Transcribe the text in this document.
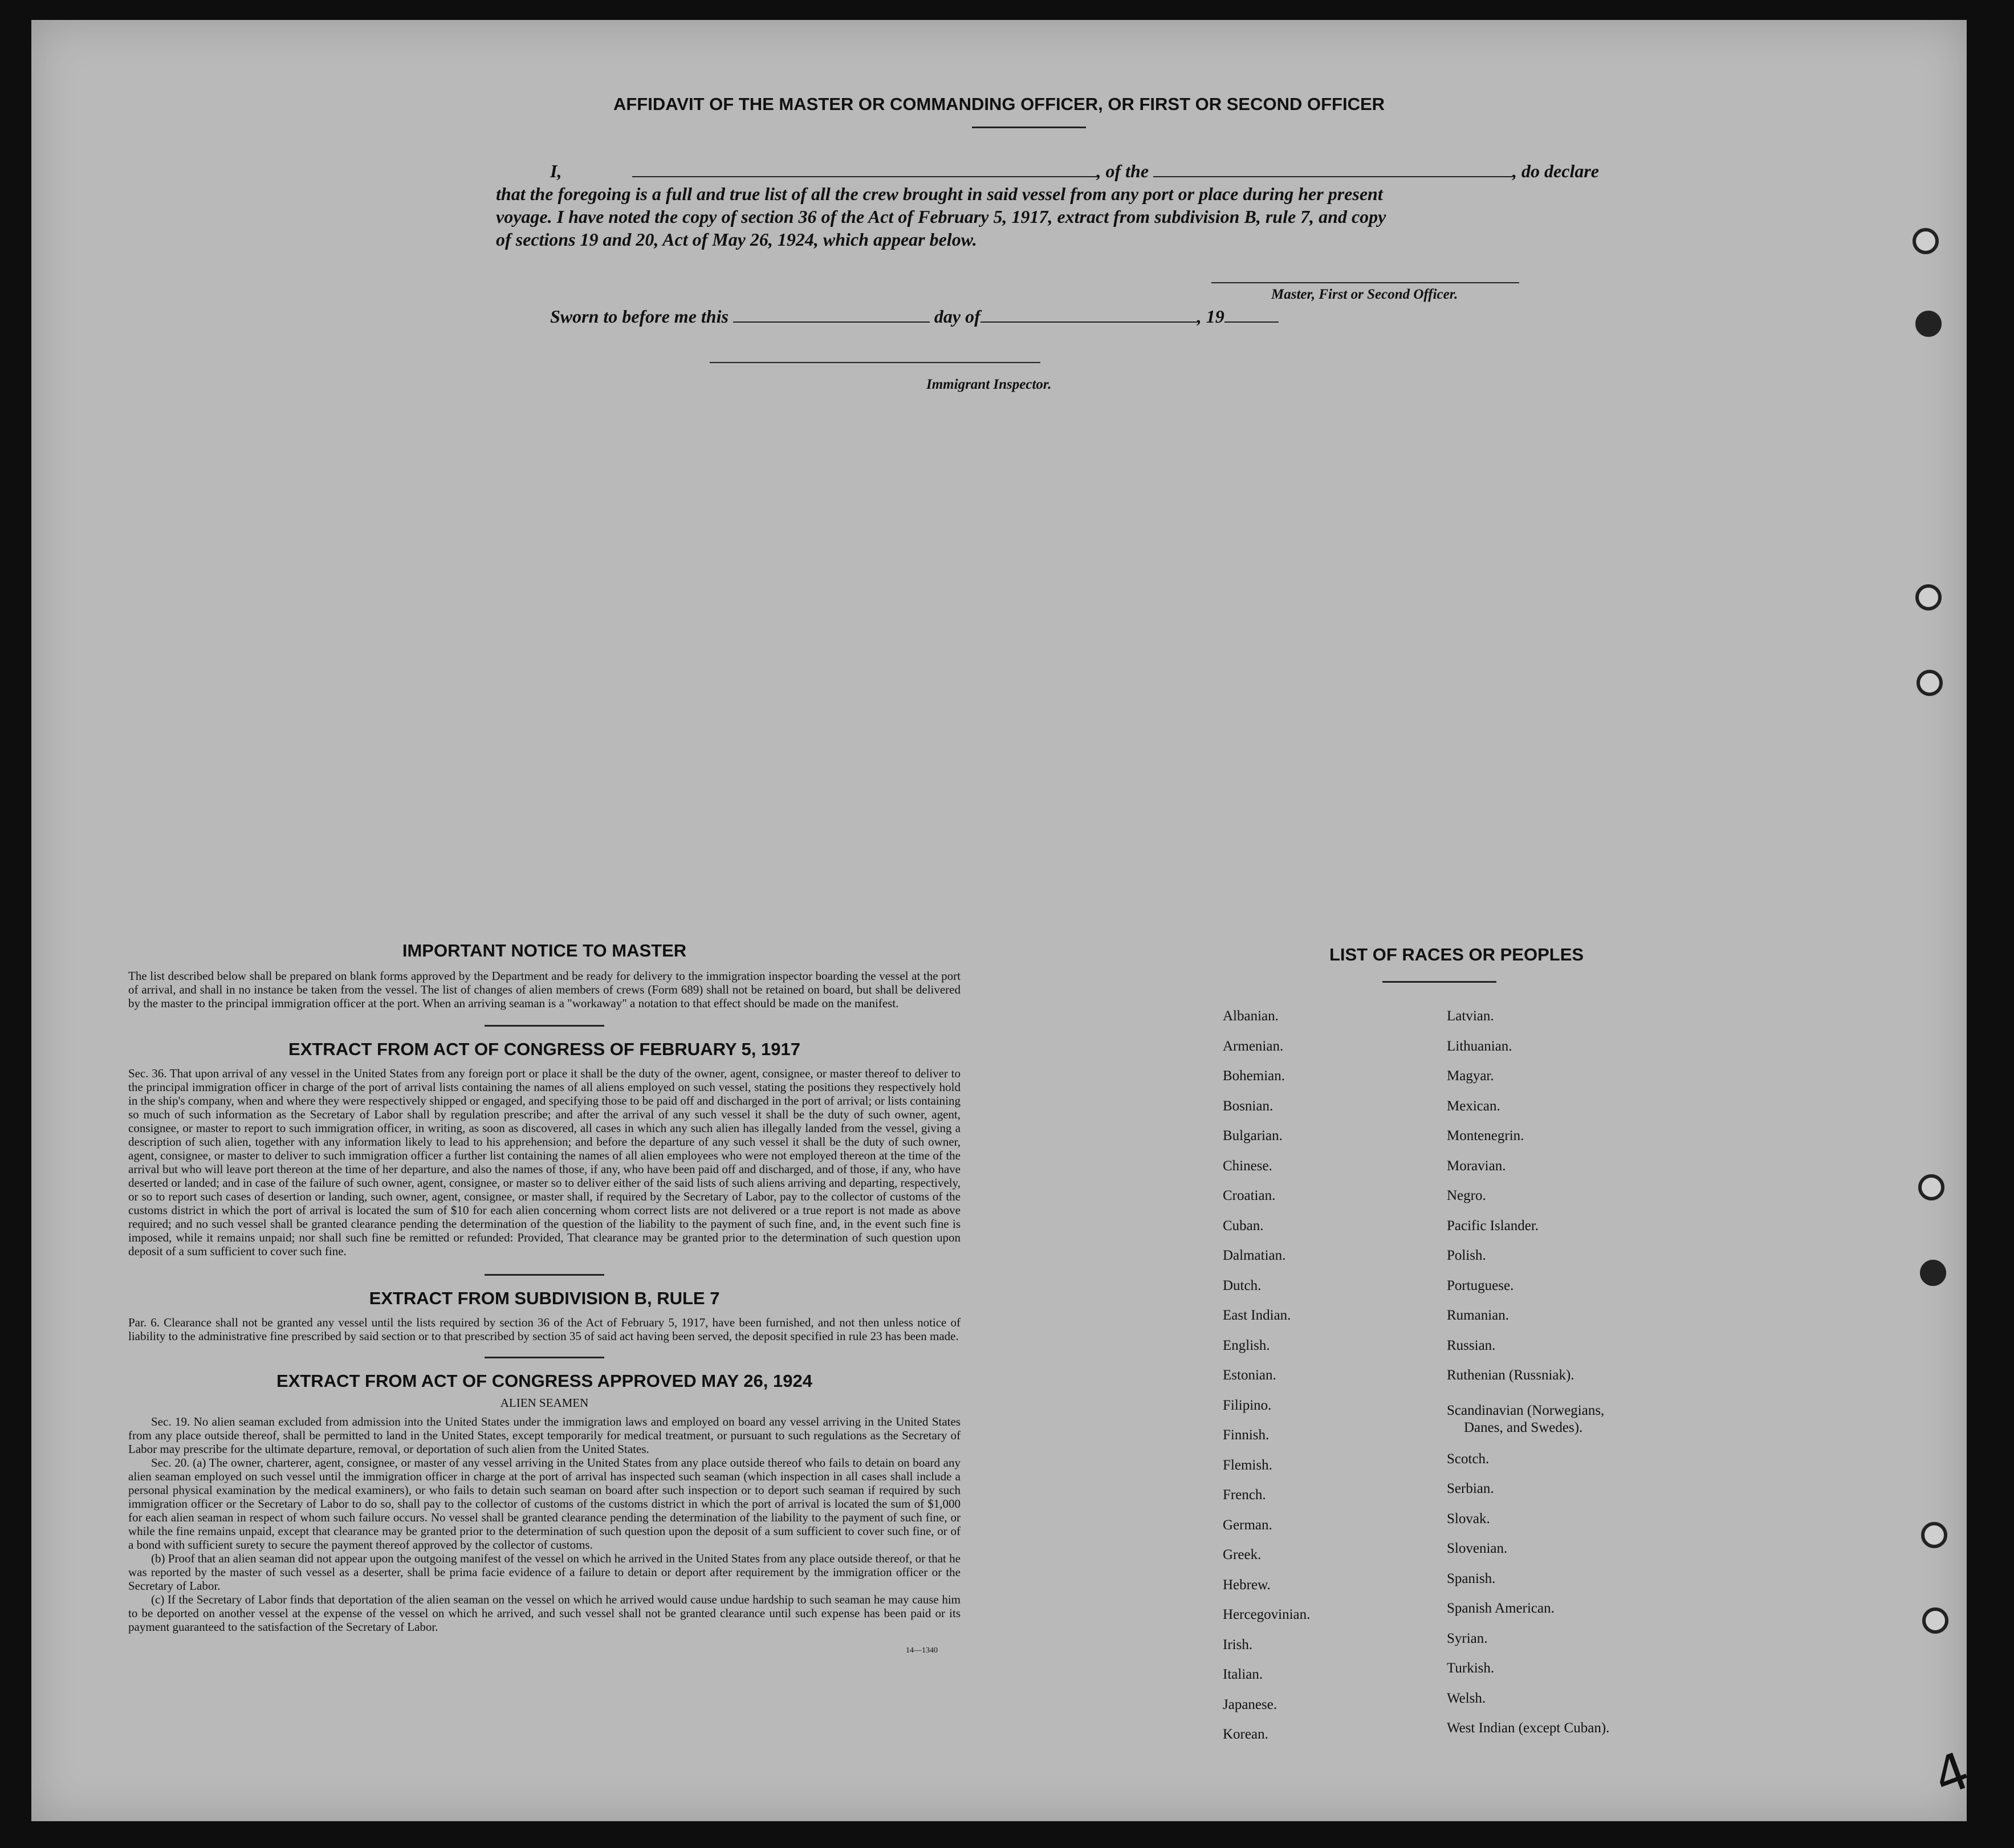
AFFIDAVIT OF THE MASTER OR COMMANDING OFFICER, OR FIRST OR SECOND OFFICER
I,	, of the	, do declare
that the foregoing is a full and true list of all the crew brought in said vessel from any port or place during her present
voyage. I have noted the copy of section 36 of the Act of February 5, 1917, extract from subdivision B, rule 7, and copy
of sections 19 and 20, Act of May 26, 1924, which appear below.
Master, First or Second Officer.
Sworn to before me this	day of	, 19
Immigrant Inspector.
IMPORTANT NOTICE TO MASTER
The list described below shall be prepared on blank forms approved by the Department and be ready for delivery to the immigration inspector boarding the vessel at the port of arrival, and shall in no instance be taken from the vessel. The list of changes of alien members of crews (Form 689) shall not be retained on board, but shall be delivered by the master to the principal immigration officer at the port. When an arriving seaman is a "workaway" a notation to that effect should be made on the manifest.
EXTRACT FROM ACT OF CONGRESS OF FEBRUARY 5, 1917
Sec. 36. That upon arrival of any vessel in the United States from any foreign port or place it shall be the duty of the owner, agent, consignee, or master thereof to deliver to the principal immigration officer in charge of the port of arrival lists containing the names of all aliens employed on such vessel, stating the positions they respectively hold in the ship's company, when and where they were respectively shipped or engaged, and specifying those to be paid off and discharged in the port of arrival; or lists containing so much of such information as the Secretary of Labor shall by regulation prescribe; and after the arrival of any such vessel it shall be the duty of such owner, agent, consignee, or master to report to such immigration officer, in writing, as soon as discovered, all cases in which any such alien has illegally landed from the vessel, giving a description of such alien, together with any information likely to lead to his apprehension; and before the departure of any such vessel it shall be the duty of such owner, agent, consignee, or master to deliver to such immigration officer a further list containing the names of all alien employees who were not employed thereon at the time of the arrival but who will leave port thereon at the time of her departure, and also the names of those, if any, who have been paid off and discharged, and of those, if any, who have deserted or landed; and in case of the failure of such owner, agent, consignee, or master so to deliver either of the said lists of such aliens arriving and departing, respectively, or so to report such cases of desertion or landing, such owner, agent, consignee, or master shall, if required by the Secretary of Labor, pay to the collector of customs of the customs district in which the port of arrival is located the sum of $10 for each alien concerning whom correct lists are not delivered or a true report is not made as above required; and no such vessel shall be granted clearance pending the determination of the question of the liability to the payment of such fine, and, in the event such fine is imposed, while it remains unpaid; nor shall such fine be remitted or refunded: Provided, That clearance may be granted prior to the determination of such question upon deposit of a sum sufficient to cover such fine.
EXTRACT FROM SUBDIVISION B, RULE 7
Par. 6. Clearance shall not be granted any vessel until the lists required by section 36 of the Act of February 5, 1917, have been furnished, and not then unless notice of liability to the administrative fine prescribed by said section or to that prescribed by section 35 of said act having been served, the deposit specified in rule 23 has been made.
EXTRACT FROM ACT OF CONGRESS APPROVED MAY 26, 1924
ALIEN SEAMEN
Sec. 19. No alien seaman excluded from admission into the United States under the immigration laws and employed on board any vessel arriving in the United States from any place outside thereof, shall be permitted to land in the United States, except temporarily for medical treatment, or pursuant to such regulations as the Secretary of Labor may prescribe for the ultimate departure, removal, or deportation of such alien from the United States.
Sec. 20. (a) The owner, charterer, agent, consignee, or master of any vessel arriving in the United States from any place outside thereof who fails to detain on board any alien seaman employed on such vessel until the immigration officer in charge at the port of arrival has inspected such seaman (which inspection in all cases shall include a personal physical examination by the medical examiners), or who fails to detain such seaman on board after such inspection or to deport such seaman if required by such immigration officer or the Secretary of Labor to do so, shall pay to the collector of customs of the customs district in which the port of arrival is located the sum of $1,000 for each alien seaman in respect of whom such failure occurs. No vessel shall be granted clearance pending the determination of the liability to the payment of such fine, or while the fine remains unpaid, except that clearance may be granted prior to the determination of such question upon the deposit of a sum sufficient to cover such fine, or of a bond with sufficient surety to secure the payment thereof approved by the collector of customs.
(b) Proof that an alien seaman did not appear upon the outgoing manifest of the vessel on which he arrived in the United States from any place outside thereof, or that he was reported by the master of such vessel as a deserter, shall be prima facie evidence of a failure to detain or deport after requirement by the immigration officer or the Secretary of Labor.
(c) If the Secretary of Labor finds that deportation of the alien seaman on the vessel on which he arrived would cause undue hardship to such seaman he may cause him to be deported on another vessel at the expense of the vessel on which he arrived, and such vessel shall not be granted clearance until such expense has been paid or its payment guaranteed to the satisfaction of the Secretary of Labor.
14—1340
LIST OF RACES OR PEOPLES
Albanian.
Armenian.
Bohemian.
Bosnian.
Bulgarian.
Chinese.
Croatian.
Cuban.
Dalmatian.
Dutch.
East Indian.
English.
Estonian.
Filipino.
Finnish.
Flemish.
French.
German.
Greek.
Hebrew.
Hercegovinian.
Irish.
Italian.
Japanese.
Korean.
Latvian.
Lithuanian.
Magyar.
Mexican.
Montenegrin.
Moravian.
Negro.
Pacific Islander.
Polish.
Portuguese.
Rumanian.
Russian.
Ruthenian (Russniak).
Scandinavian (Norwegians,
Danes, and Swedes).
Scotch.
Serbian.
Slovak.
Slovenian.
Spanish.
Spanish American.
Syrian.
Turkish.
Welsh.
West Indian (except Cuban).
4
